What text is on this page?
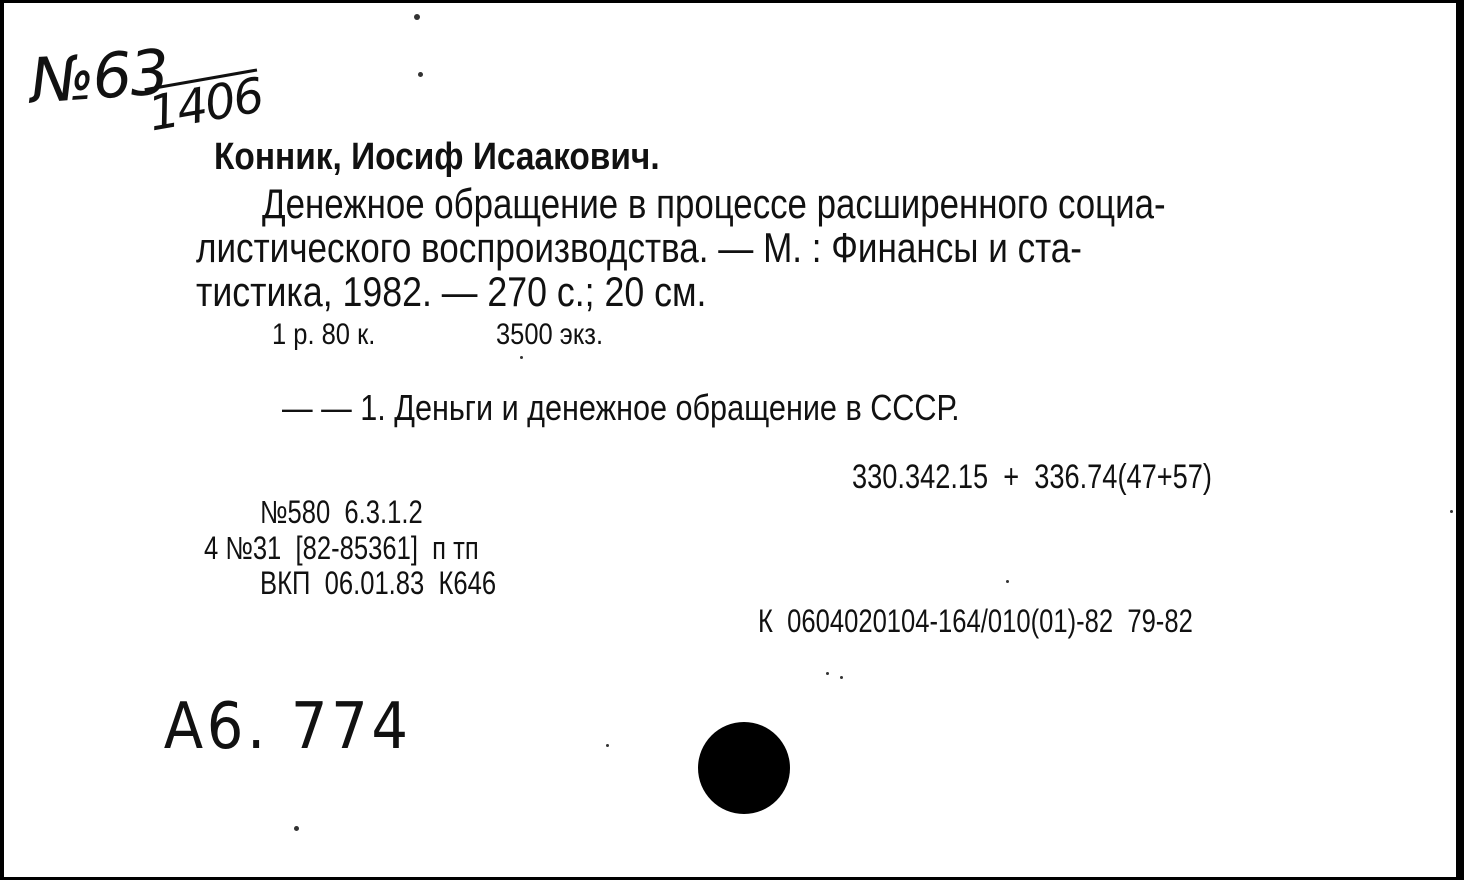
№63
1406
Конник, Иосиф Исаакович.
Денежное обращение в процессе расширенного социа-
листического воспроизводства. — М. : Финансы и ста-
тистика, 1982. — 270 с.; 20 см.
1 р. 80 к.	3500 экз.
— — 1. Деньги и денежное обращение в СССР.
330.342.15  +  336.74(47+57)
№580  6.3.1.2
4 №31  [82-85361]  п тп
ВКП  06.01.83  К646
К  0604020104-164/010(01)-82  79-82
А6. 774
